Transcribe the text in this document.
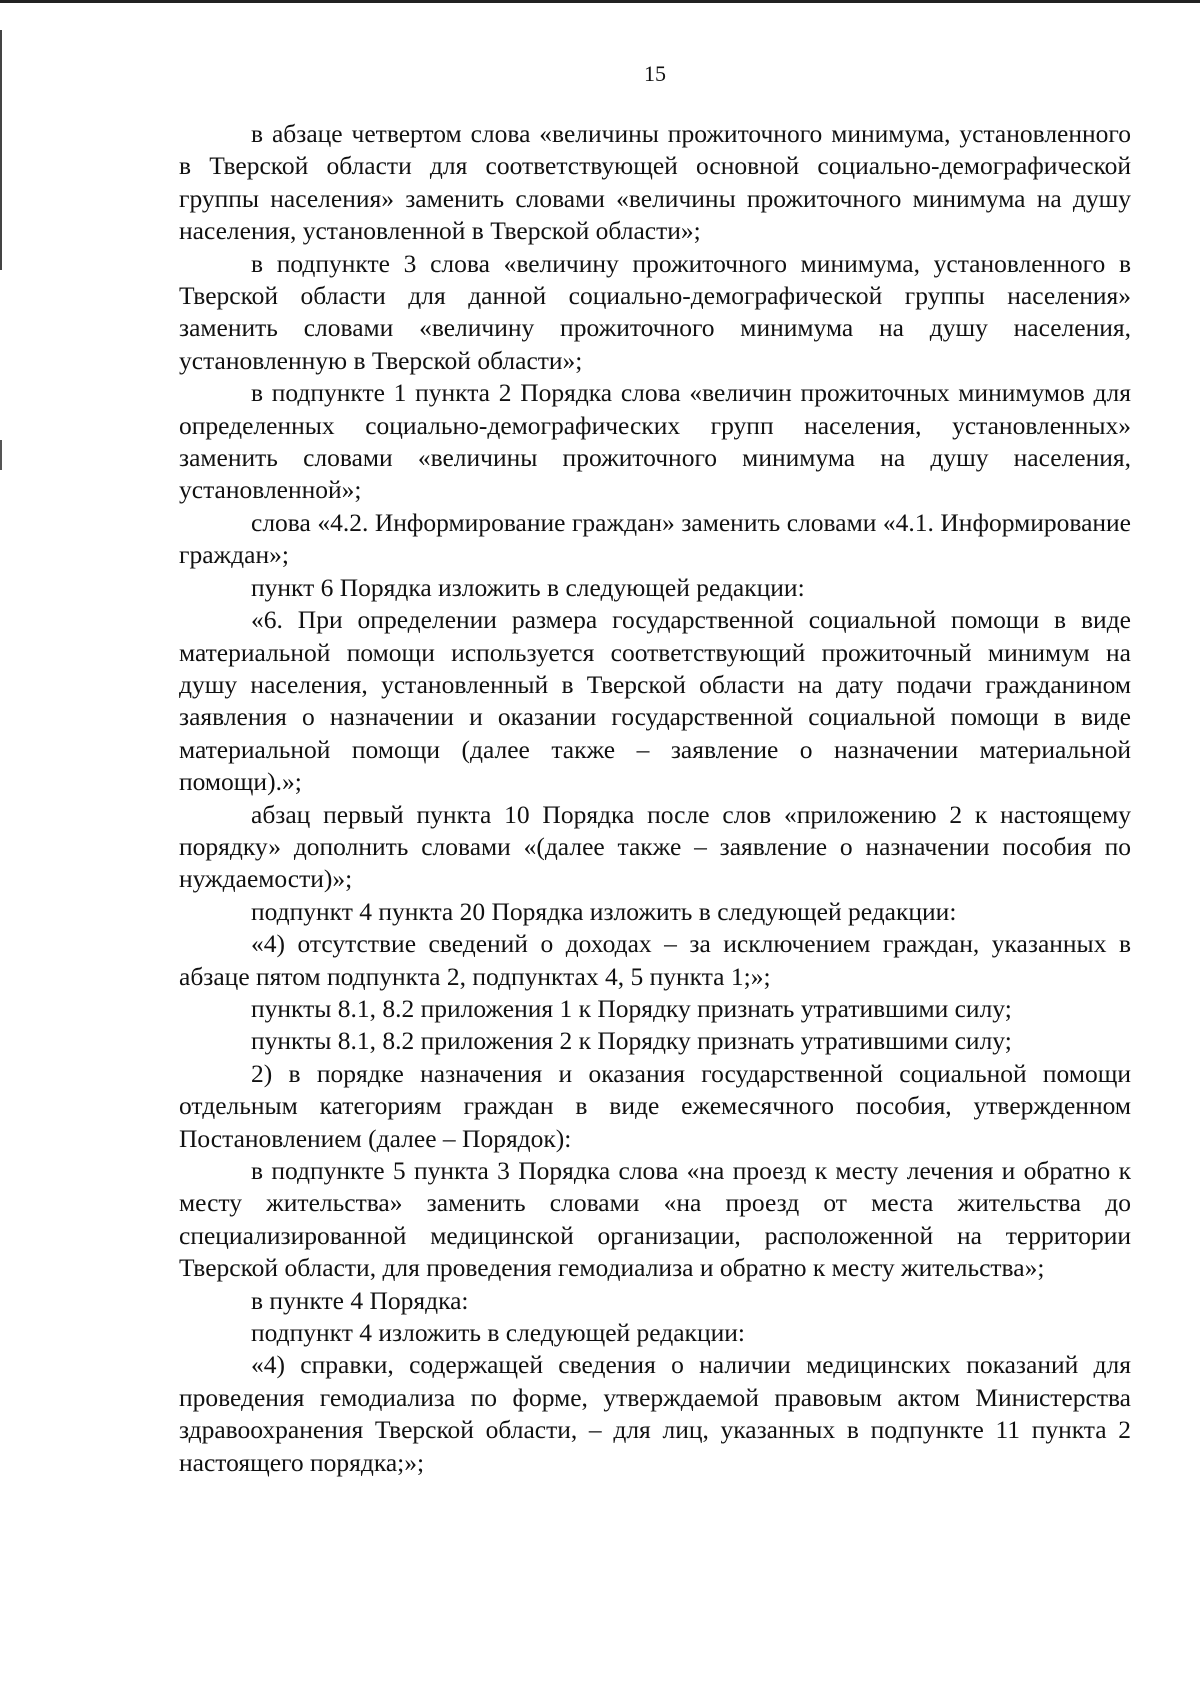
15

в абзаце четвертом слова «величины прожиточного минимума, установленного в Тверской области для соответствующей основной социально-демографической группы населения» заменить словами «величины прожиточного минимума на душу населения, установленной в Тверской области»;

в подпункте 3 слова «величину прожиточного минимума, установленного в Тверской области для данной социально-демографической группы населения» заменить словами «величину прожиточного минимума на душу населения, установленную в Тверской области»;

в подпункте 1 пункта 2 Порядка слова «величин прожиточных минимумов для определенных социально-демографических групп населения, установленных» заменить словами «величины прожиточного минимума на душу населения, установленной»;

слова «4.2. Информирование граждан» заменить словами «4.1. Информирование граждан»;

пункт 6 Порядка изложить в следующей редакции:

«6. При определении размера государственной социальной помощи в виде материальной помощи используется соответствующий прожиточный минимум на душу населения, установленный в Тверской области на дату подачи гражданином заявления о назначении и оказании государственной социальной помощи в виде материальной помощи (далее также – заявление о назначении материальной помощи).»;

абзац первый пункта 10 Порядка после слов «приложению 2 к настоящему порядку» дополнить словами «(далее также – заявление о назначении пособия по нуждаемости)»;

подпункт 4 пункта 20 Порядка изложить в следующей редакции:

«4) отсутствие сведений о доходах – за исключением граждан, указанных в абзаце пятом подпункта 2, подпунктах 4, 5 пункта 1;»;

пункты 8.1, 8.2 приложения 1 к Порядку признать утратившими силу;

пункты 8.1, 8.2 приложения 2 к Порядку признать утратившими силу;

2) в порядке назначения и оказания государственной социальной помощи отдельным категориям граждан в виде ежемесячного пособия, утвержденном Постановлением (далее – Порядок):

в подпункте 5 пункта 3 Порядка слова «на проезд к месту лечения и обратно к месту жительства» заменить словами «на проезд от места жительства до специализированной медицинской организации, расположенной на территории Тверской области, для проведения гемодиализа и обратно к месту жительства»;

в пункте 4 Порядка:

подпункт 4 изложить в следующей редакции:

«4) справки, содержащей сведения о наличии медицинских показаний для проведения гемодиализа по форме, утверждаемой правовым актом Министерства здравоохранения Тверской области, – для лиц, указанных в подпункте 11 пункта 2 настоящего порядка;»;
